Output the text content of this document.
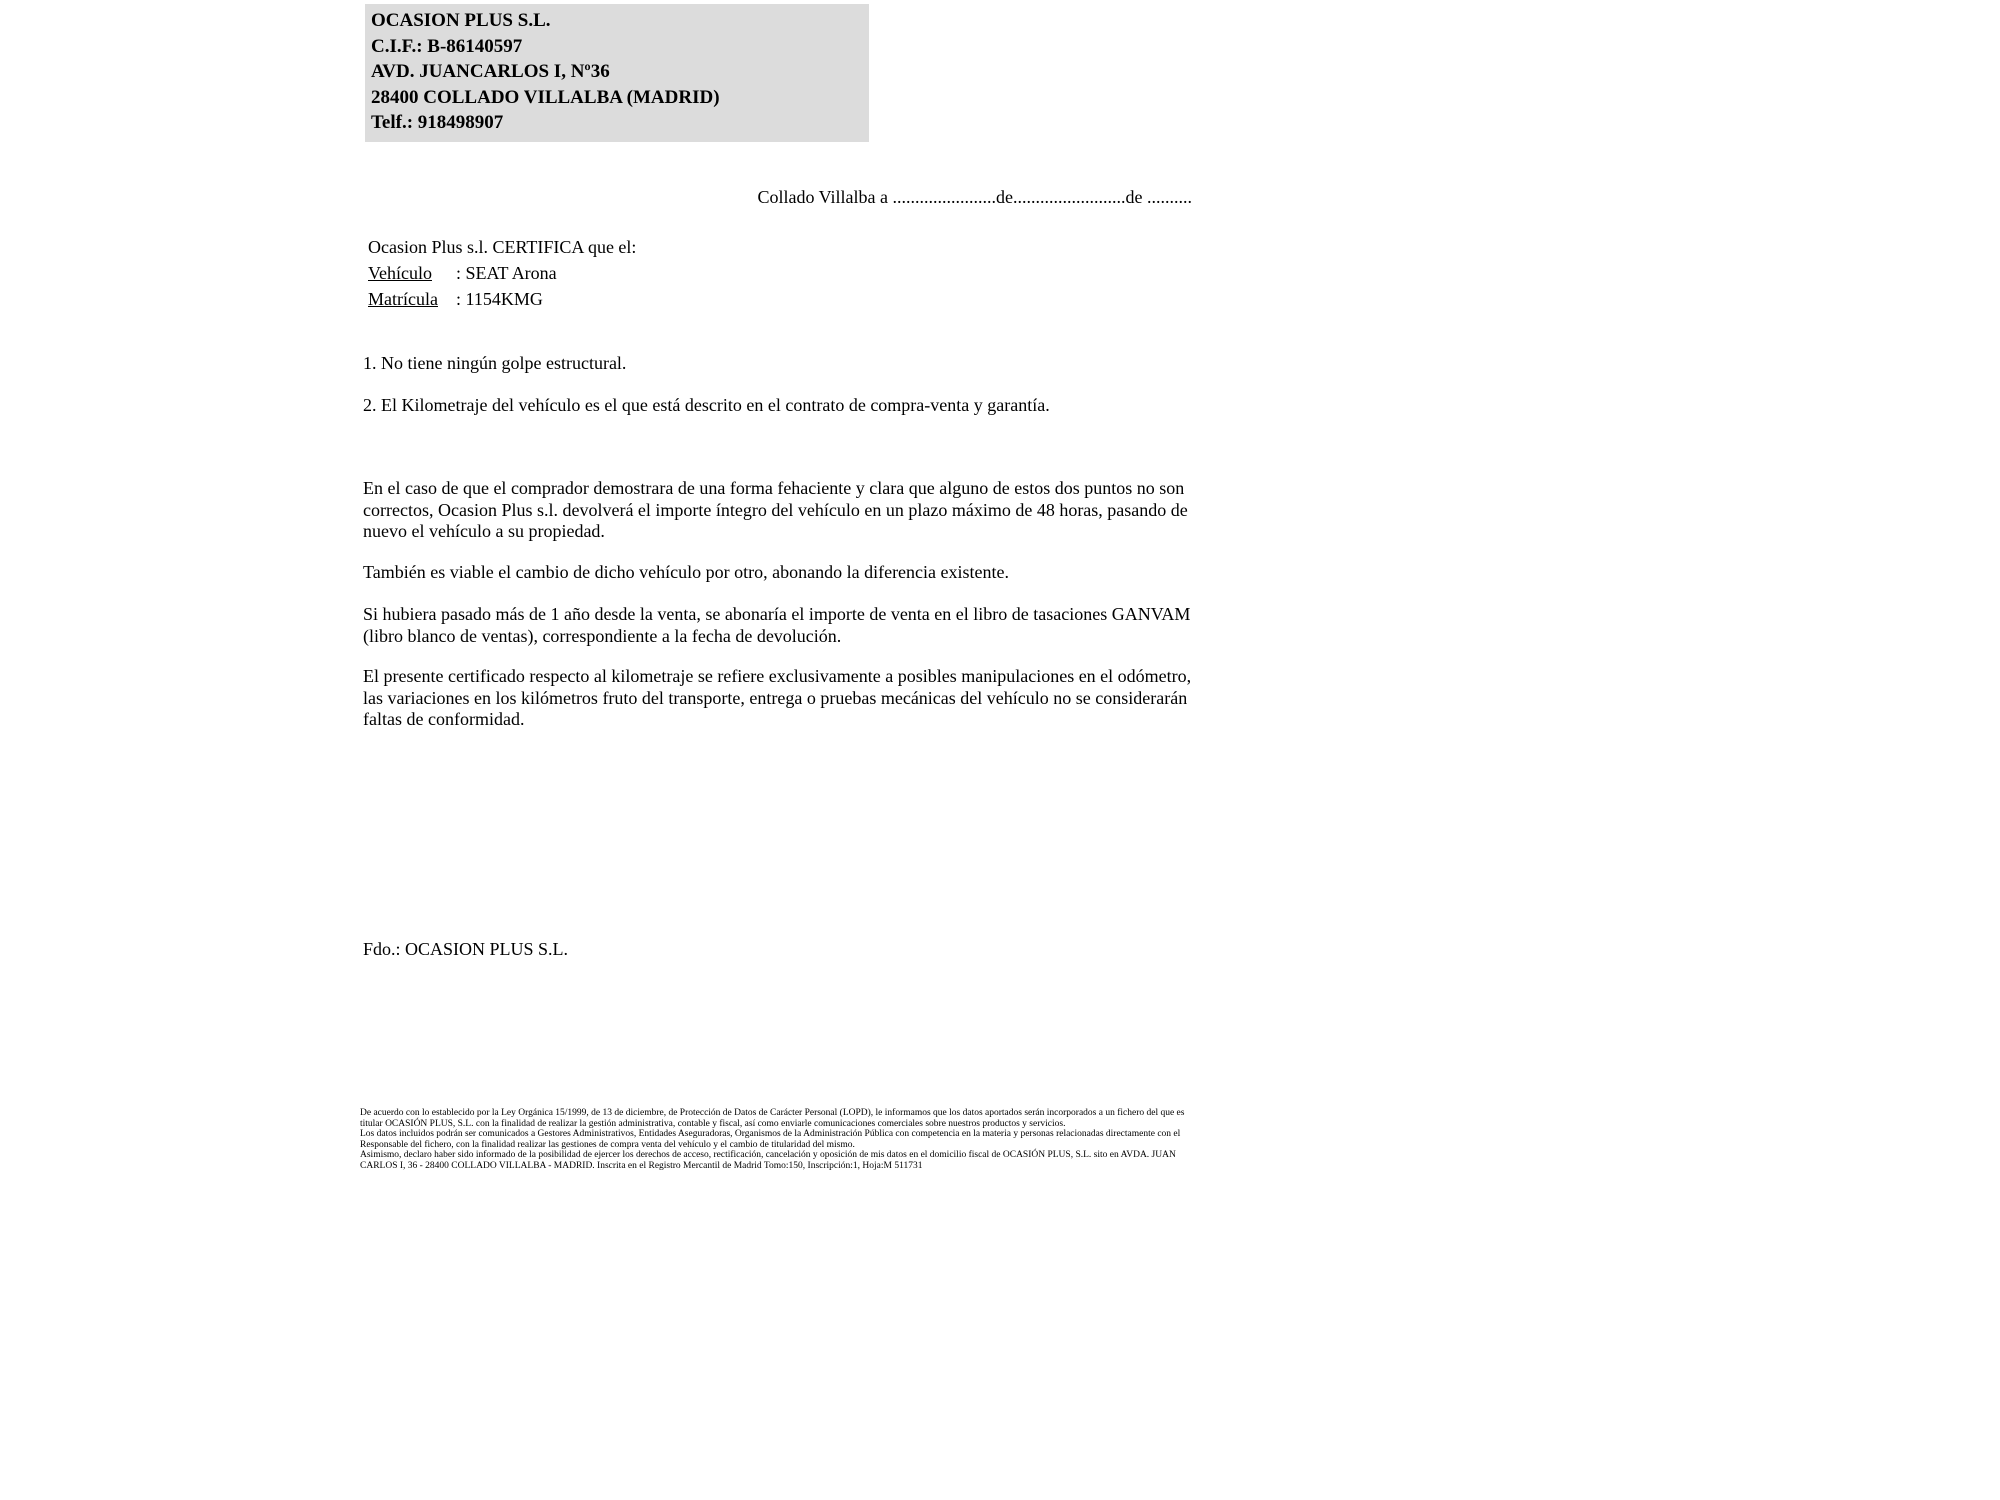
OCASION PLUS S.L.
C.I.F.: B-86140597
AVD. JUANCARLOS I, Nº36
28400 COLLADO VILLALBA (MADRID)
Telf.: 918498907
Collado Villalba a .......................de.........................de ..........
Ocasion Plus s.l. CERTIFICA que el:
Vehículo : SEAT Arona
Matrícula : 1154KMG
1. No tiene ningún golpe estructural.
2. El Kilometraje del vehículo es el que está descrito en el contrato de compra-venta y garantía.
En el caso de que el comprador demostrara de una forma fehaciente y clara que alguno de estos dos puntos no son correctos, Ocasion Plus s.l. devolverá el importe íntegro del vehículo en un plazo máximo de 48 horas, pasando de nuevo el vehículo a su propiedad.
También es viable el cambio de dicho vehículo por otro, abonando la diferencia existente.
Si hubiera pasado más de 1 año desde la venta, se abonaría el importe de venta en el libro de tasaciones GANVAM (libro blanco de ventas), correspondiente a la fecha de devolución.
El presente certificado respecto al kilometraje se refiere exclusivamente a posibles manipulaciones en el odómetro, las variaciones en los kilómetros fruto del transporte, entrega o pruebas mecánicas del vehículo no se considerarán faltas de conformidad.
Fdo.: OCASION PLUS S.L.

De acuerdo con lo establecido por la Ley Orgánica 15/1999, de 13 de diciembre, de Protección de Datos de Carácter Personal (LOPD), le informamos que los datos aportados serán incorporados a un fichero del que es titular OCASIÓN PLUS, S.L. con la finalidad de realizar la gestión administrativa, contable y fiscal, así como enviarle comunicaciones comerciales sobre nuestros productos y servicios.

Los datos incluidos podrán ser comunicados a Gestores Administrativos, Entidades Aseguradoras, Organismos de la Administración Pública con competencia en la materia y personas relacionadas directamente con el Responsable del fichero, con la finalidad realizar las gestiones de compra venta del vehículo y el cambio de titularidad del mismo.

Asimismo, declaro haber sido informado de la posibilidad de ejercer los derechos de acceso, rectificación, cancelación y oposición de mis datos en el domicilio fiscal de OCASIÓN PLUS, S.L. sito en AVDA. JUAN CARLOS I, 36 - 28400 COLLADO VILLALBA - MADRID. Inscrita en el Registro Mercantil de Madrid Tomo:150, Inscripción:1, Hoja:M 511731
